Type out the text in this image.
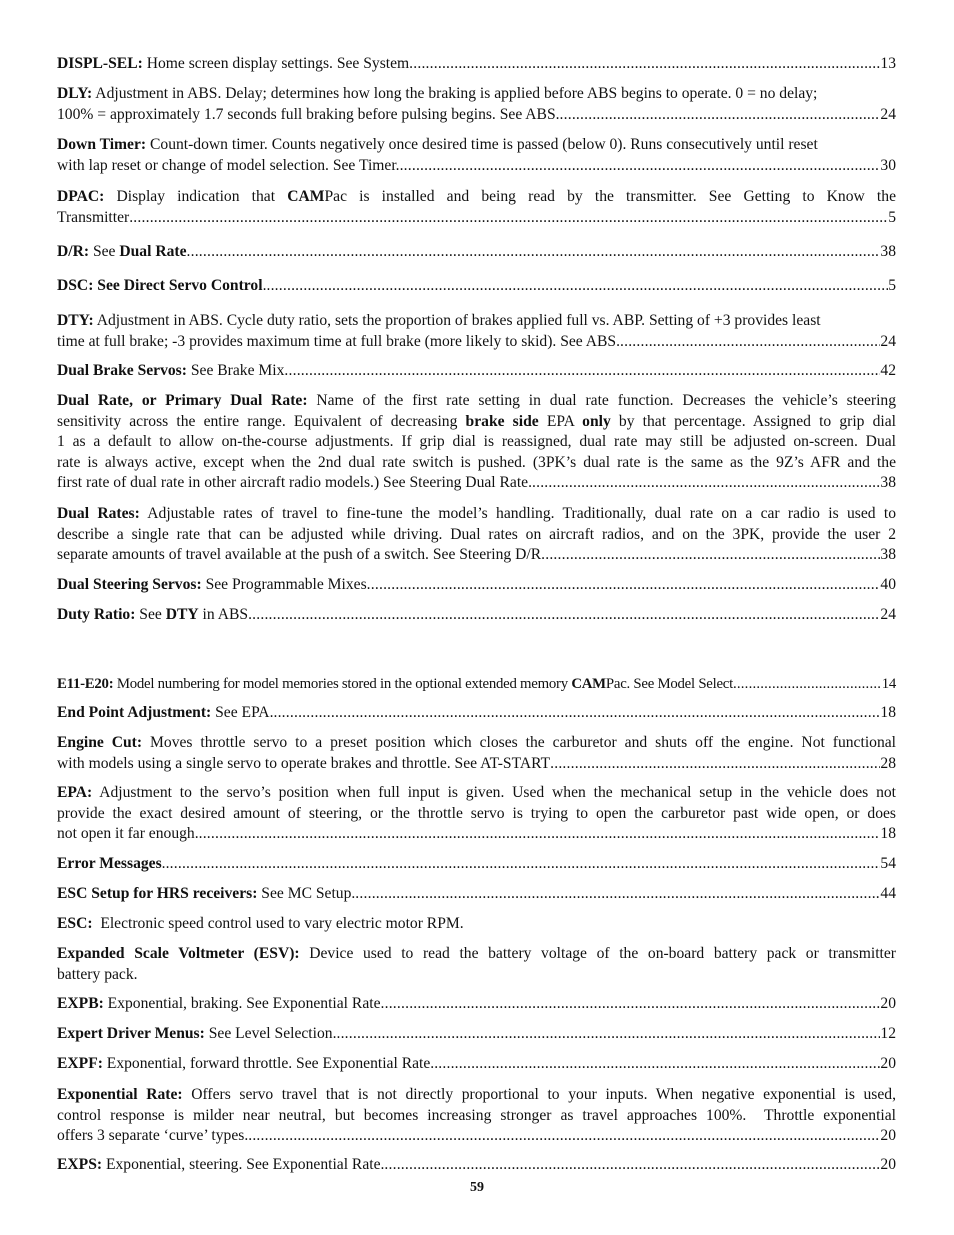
DISPL-SEL: Home screen display settings. See System .....	13

DLY: Adjustment in ABS. Delay; determines how long the braking is applied before ABS begins to operate. 0 = no delay;

100% = approximately 1.7 seconds full braking before pulsing begins. See ABS. .....	24

Down Timer: Count-down timer. Counts negatively once desired time is passed (below 0). Runs consecutively until reset

with lap reset or change of model selection. See Timer. .....	30

DPAC: Display indication that CAMPac is installed and being read by the transmitter. See Getting to Know the

Transmitter .....	5
D/R: See Dual Rate .....	38
DSC: See Direct Servo Control. .....	5

DTY: Adjustment in ABS. Cycle duty ratio, sets the proportion of brakes applied full vs. ABP. Setting of +3 provides least

time at full brake; -3 provides maximum time at full brake (more likely to skid). See ABS. .....	24
Dual Brake Servos: See Brake Mix .....	42

Dual Rate, or Primary Dual Rate: Name of the first rate setting in dual rate function. Decreases the vehicle’s steering

sensitivity across the entire range. Equivalent of decreasing brake side EPA only by that percentage. Assigned to grip dial

1 as a default to allow on-the-course adjustments. If grip dial is reassigned, dual rate may still be adjusted on-screen. Dual

rate is always active, except when the 2nd dual rate switch is pushed. (3PK’s dual rate is the same as the 9Z’s AFR and the

first rate of dual rate in other aircraft radio models.) See Steering Dual Rate. .....	38

Dual Rates: Adjustable rates of travel to fine-tune the model’s handling. Traditionally, dual rate on a car radio is used to

describe a single rate that can be adjusted while driving. Dual rates on aircraft radios, and on the 3PK, provide the user 2

separate amounts of travel available at the push of a switch. See Steering D/R .....	38
Dual Steering Servos: See Programmable Mixes .....	40
Duty Ratio: See DTY in ABS .....	24
E11-E20: Model numbering for model memories stored in the optional extended memory CAMPac. See Model Select .....	14
End Point Adjustment: See EPA. .....	18

Engine Cut: Moves throttle servo to a preset position which closes the carburetor and shuts off the engine. Not functional

with models using a single servo to operate brakes and throttle. See AT-START .....	28

EPA: Adjustment to the servo’s position when full input is given. Used when the mechanical setup in the vehicle does not

provide the exact desired amount of steering, or the throttle servo is trying to open the carburetor past wide open, or does

not open it far enough. .....	18
Error Messages. .....	54
ESC Setup for HRS receivers: See MC Setup. .....	44

ESC:  Electronic speed control used to vary electric motor RPM.

Expanded Scale Voltmeter (ESV): Device used to read the battery voltage of the on-board battery pack or transmitter

battery pack.

EXPB: Exponential, braking. See Exponential Rate .....	20
Expert Driver Menus: See Level Selection. .....	12
EXPF: Exponential, forward throttle. See Exponential Rate. .....	20

Exponential Rate: Offers servo travel that is not directly proportional to your inputs. When negative exponential is used,

control response is milder near neutral, but becomes increasing stronger as travel approaches 100%.  Throttle exponential

offers 3 separate ‘curve’ types. .....	20
EXPS: Exponential, steering. See Exponential Rate. .....	20
59
